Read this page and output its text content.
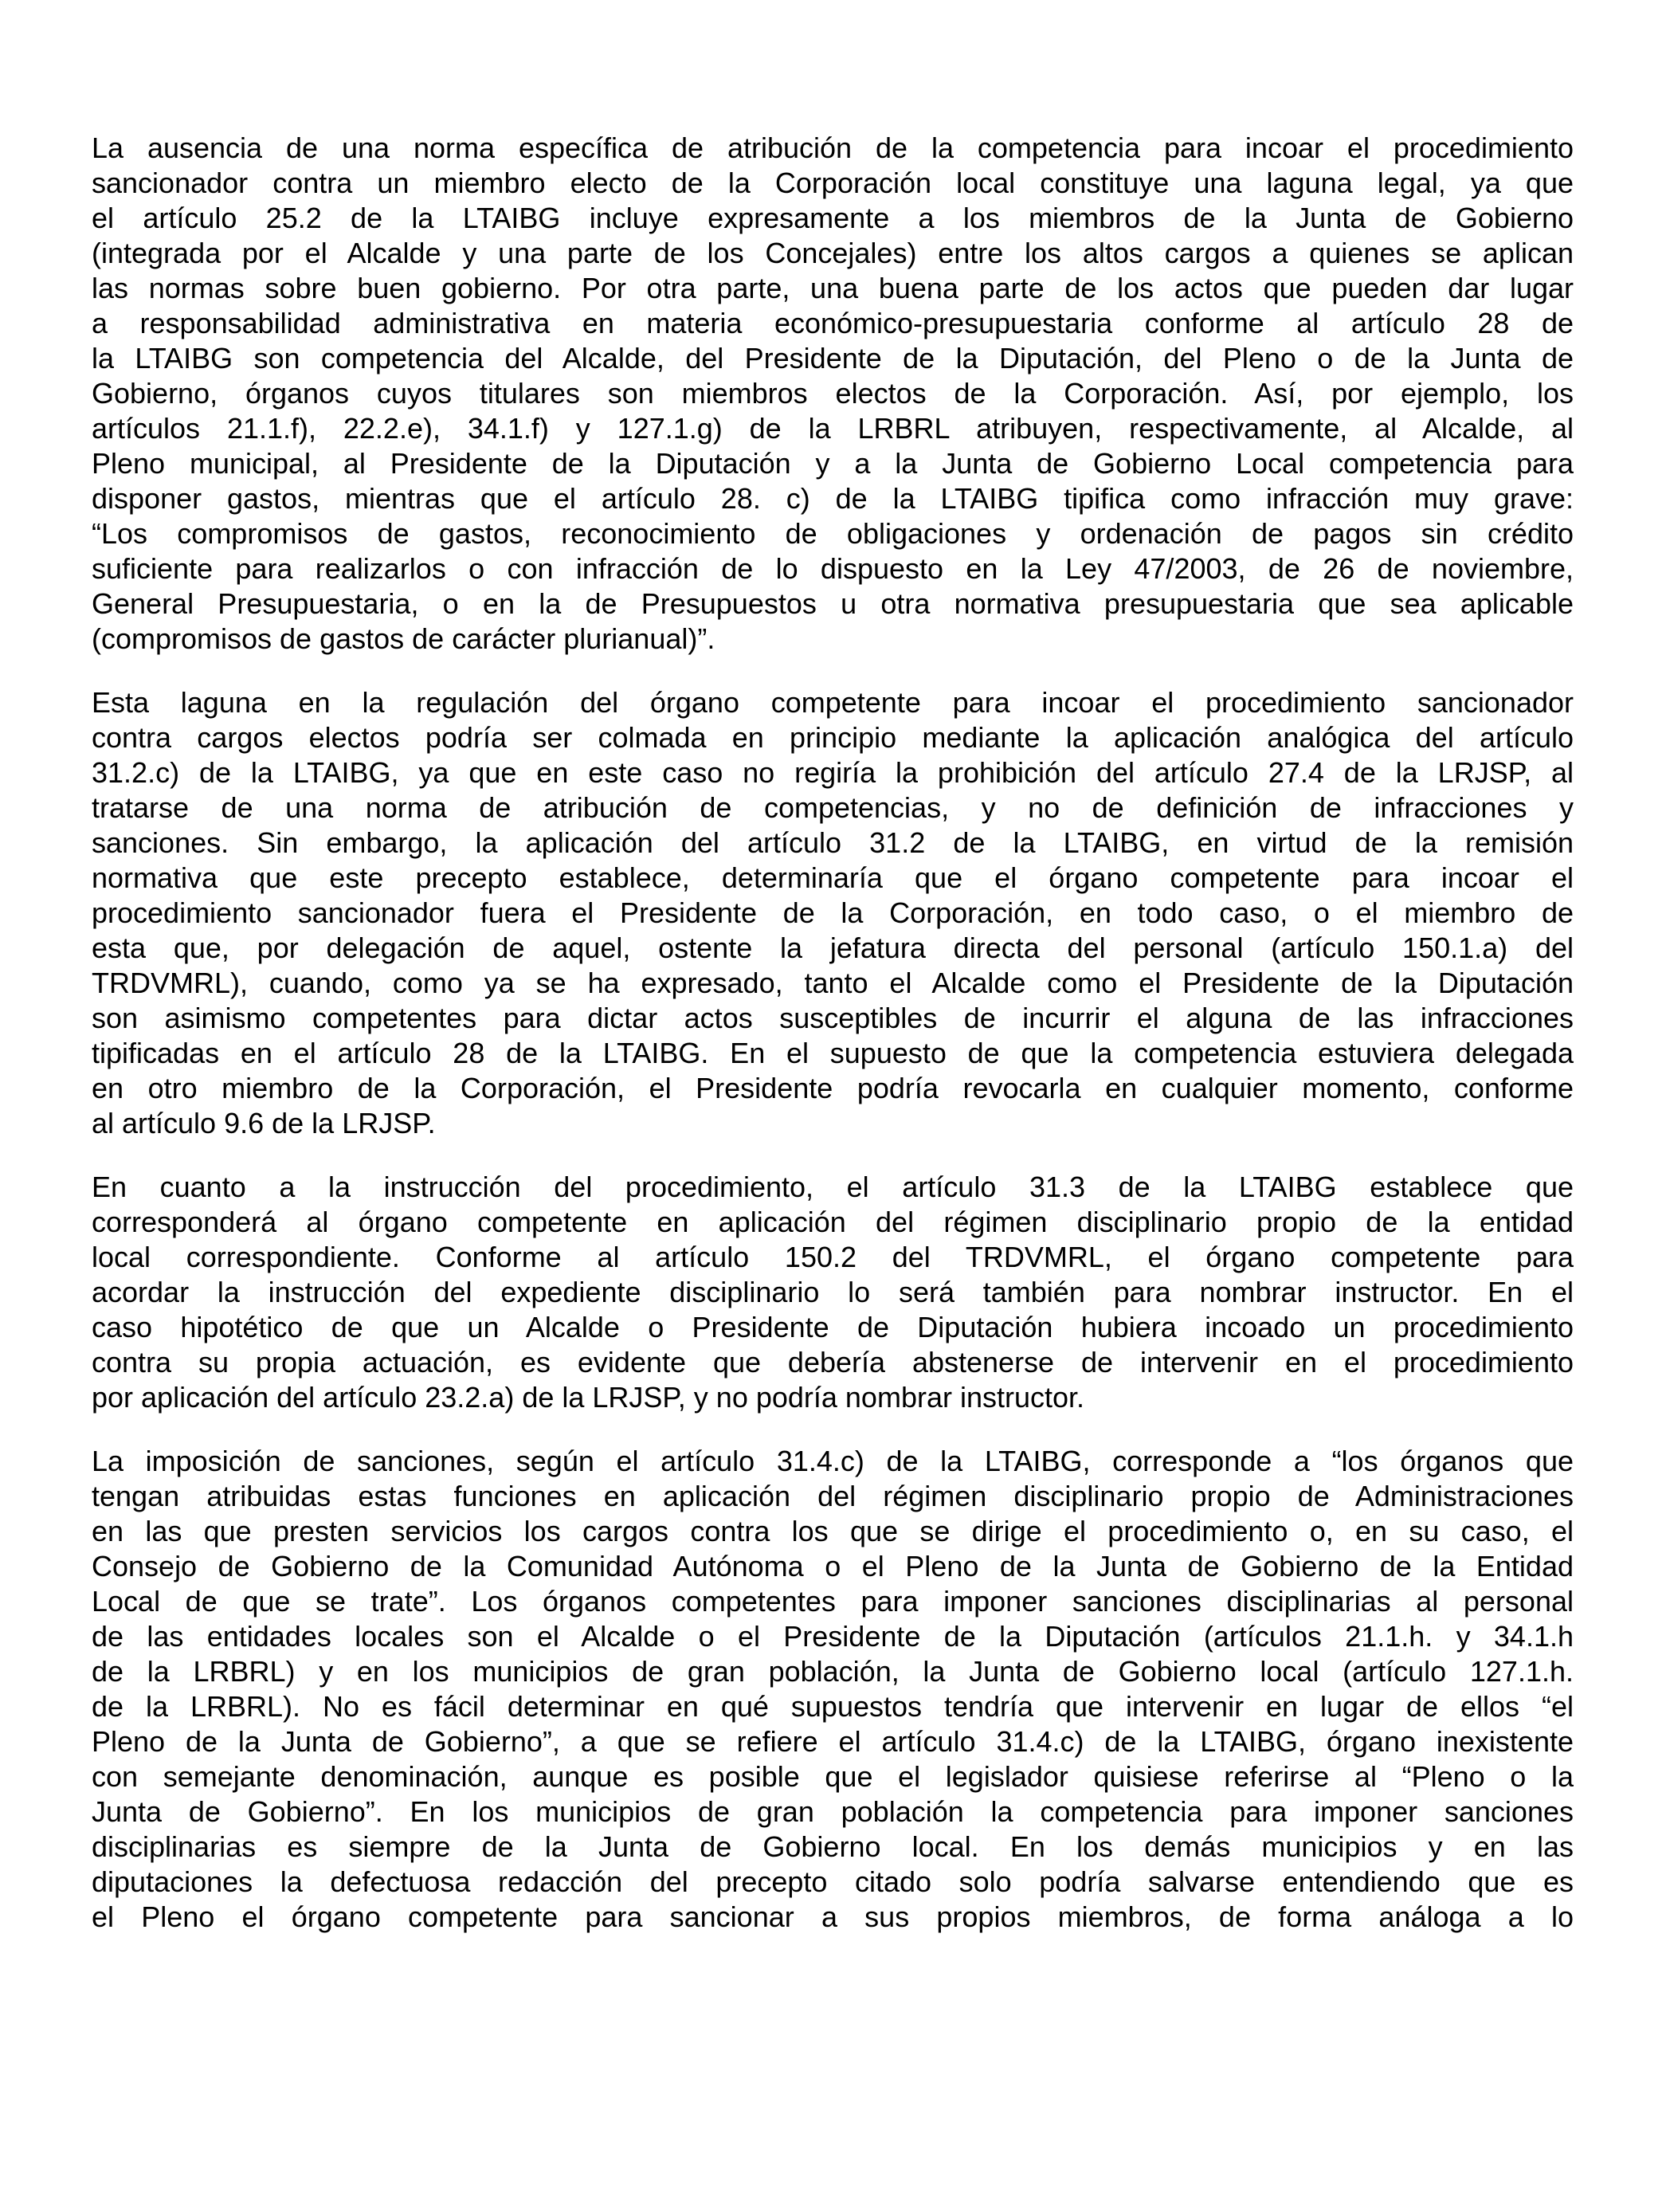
La ausencia de una norma específica de atribución de la competencia para incoar el procedimiento
sancionador contra un miembro electo de la Corporación local constituye una laguna legal, ya que
el artículo 25.2 de la LTAIBG incluye expresamente a los miembros de la Junta de Gobierno
(integrada por el Alcalde y una parte de los Concejales) entre los altos cargos a quienes se aplican
las normas sobre buen gobierno. Por otra parte, una buena parte de los actos que pueden dar lugar
a responsabilidad administrativa en materia económico-presupuestaria conforme al artículo 28 de
la LTAIBG son competencia del Alcalde, del Presidente de la Diputación, del Pleno o de la Junta de
Gobierno, órganos cuyos titulares son miembros electos de la Corporación. Así, por ejemplo, los
artículos 21.1.f), 22.2.e), 34.1.f) y 127.1.g) de la LRBRL atribuyen, respectivamente, al Alcalde, al
Pleno municipal, al Presidente de la Diputación y a la Junta de Gobierno Local competencia para
disponer gastos, mientras que el artículo 28. c) de la LTAIBG tipifica como infracción muy grave:
“Los compromisos de gastos, reconocimiento de obligaciones y ordenación de pagos sin crédito
suficiente para realizarlos o con infracción de lo dispuesto en la Ley 47/2003, de 26 de noviembre,
General Presupuestaria, o en la de Presupuestos u otra normativa presupuestaria que sea aplicable
(compromisos de gastos de carácter plurianual)”.

Esta laguna en la regulación del órgano competente para incoar el procedimiento sancionador
contra cargos electos podría ser colmada en principio mediante la aplicación analógica del artículo
31.2.c) de la LTAIBG, ya que en este caso no regiría la prohibición del artículo 27.4 de la LRJSP, al
tratarse de una norma de atribución de competencias, y no de definición de infracciones y
sanciones. Sin embargo, la aplicación del artículo 31.2 de la LTAIBG, en virtud de la remisión
normativa que este precepto establece, determinaría que el órgano competente para incoar el
procedimiento sancionador fuera el Presidente de la Corporación, en todo caso, o el miembro de
esta que, por delegación de aquel, ostente la jefatura directa del personal (artículo 150.1.a) del
TRDVMRL), cuando, como ya se ha expresado, tanto el Alcalde como el Presidente de la Diputación
son asimismo competentes para dictar actos susceptibles de incurrir el alguna de las infracciones
tipificadas en el artículo 28 de la LTAIBG. En el supuesto de que la competencia estuviera delegada
en otro miembro de la Corporación, el Presidente podría revocarla en cualquier momento, conforme
al artículo 9.6 de la LRJSP.

En cuanto a la instrucción del procedimiento, el artículo 31.3 de la LTAIBG establece que
corresponderá al órgano competente en aplicación del régimen disciplinario propio de la entidad
local correspondiente. Conforme al artículo 150.2 del TRDVMRL, el órgano competente para
acordar la instrucción del expediente disciplinario lo será también para nombrar instructor. En el
caso hipotético de que un Alcalde o Presidente de Diputación hubiera incoado un procedimiento
contra su propia actuación, es evidente que debería abstenerse de intervenir en el procedimiento
por aplicación del artículo 23.2.a) de la LRJSP, y no podría nombrar instructor.

La imposición de sanciones, según el artículo 31.4.c) de la LTAIBG, corresponde a “los órganos que
tengan atribuidas estas funciones en aplicación del régimen disciplinario propio de Administraciones
en las que presten servicios los cargos contra los que se dirige el procedimiento o, en su caso, el
Consejo de Gobierno de la Comunidad Autónoma o el Pleno de la Junta de Gobierno de la Entidad
Local de que se trate”. Los órganos competentes para imponer sanciones disciplinarias al personal
de las entidades locales son el Alcalde o el Presidente de la Diputación (artículos 21.1.h. y 34.1.h
de la LRBRL) y en los municipios de gran población, la Junta de Gobierno local (artículo 127.1.h.
de la LRBRL). No es fácil determinar en qué supuestos tendría que intervenir en lugar de ellos “el
Pleno de la Junta de Gobierno”, a que se refiere el artículo 31.4.c) de la LTAIBG, órgano inexistente
con semejante denominación, aunque es posible que el legislador quisiese referirse al “Pleno o la
Junta de Gobierno”. En los municipios de gran población la competencia para imponer sanciones
disciplinarias es siempre de la Junta de Gobierno local. En los demás municipios y en las
diputaciones la defectuosa redacción del precepto citado solo podría salvarse entendiendo que es
el Pleno el órgano competente para sancionar a sus propios miembros, de forma análoga a lo
